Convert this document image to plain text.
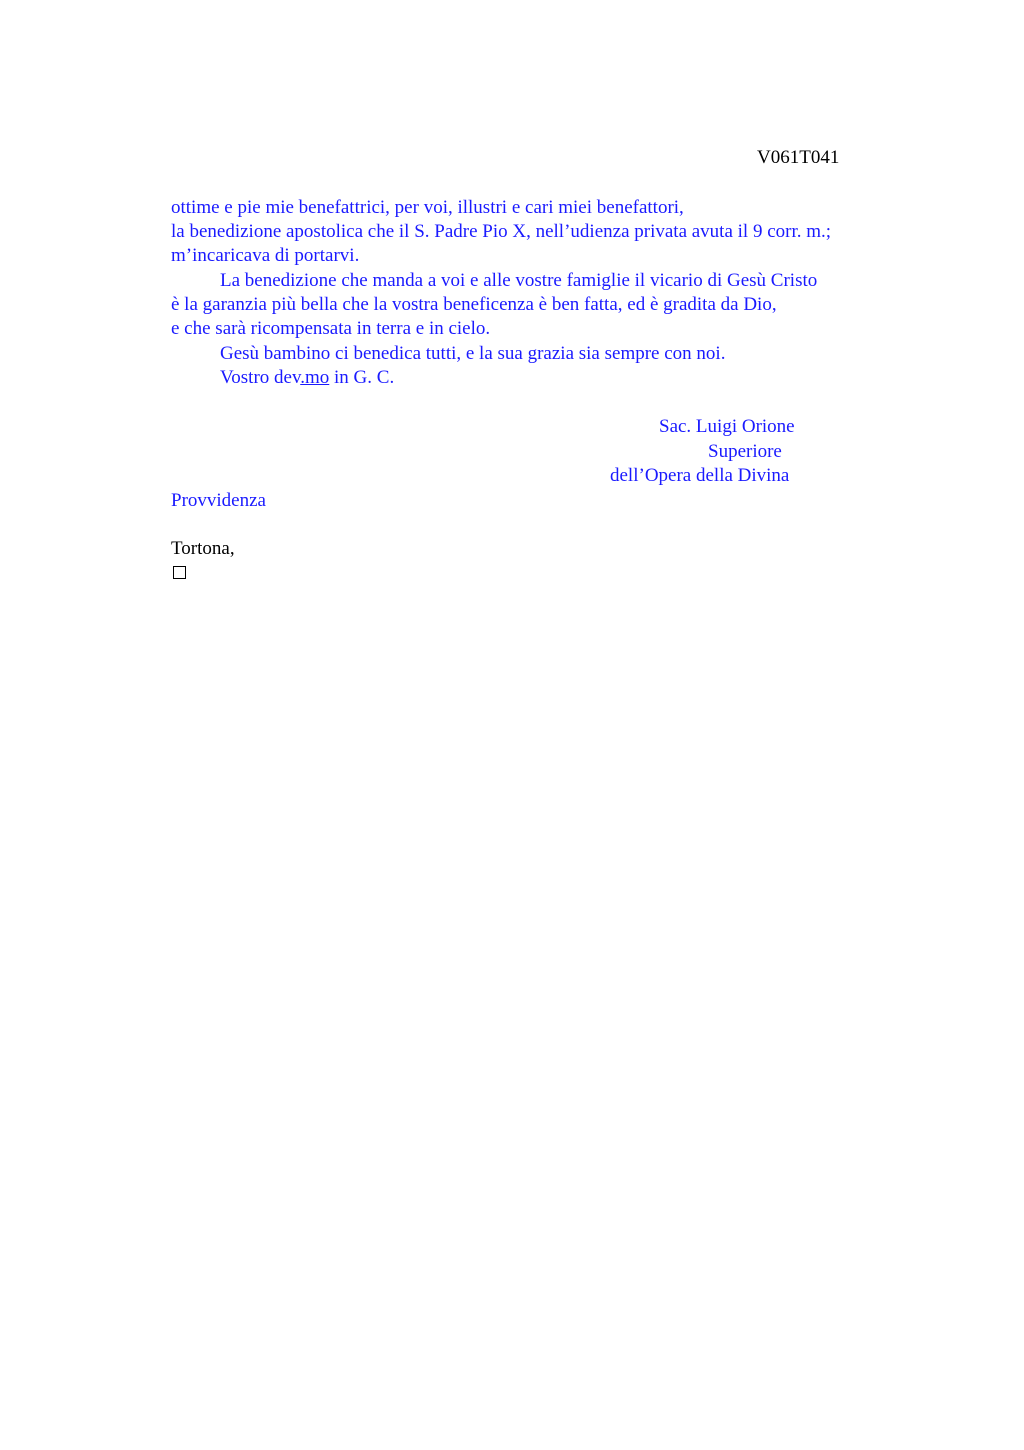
V061T041
ottime e pie mie benefattrici, per voi, illustri e cari miei benefattori,
la benedizione apostolica che il S. Padre Pio X, nell’udienza privata avuta il 9 corr. m.;
m’incaricava di portarvi.
La benedizione che manda a voi e alle vostre famiglie il vicario di Gesù Cristo
è la garanzia più bella che la vostra beneficenza è ben fatta, ed è gradita da Dio,
e che sarà ricompensata in terra e in cielo.
Gesù bambino ci benedica tutti, e la sua grazia sia sempre con noi.
Vostro dev.mo in G. C.
Sac. Luigi Orione
Superiore
dell’Opera della Divina
Provvidenza
Tortona,
